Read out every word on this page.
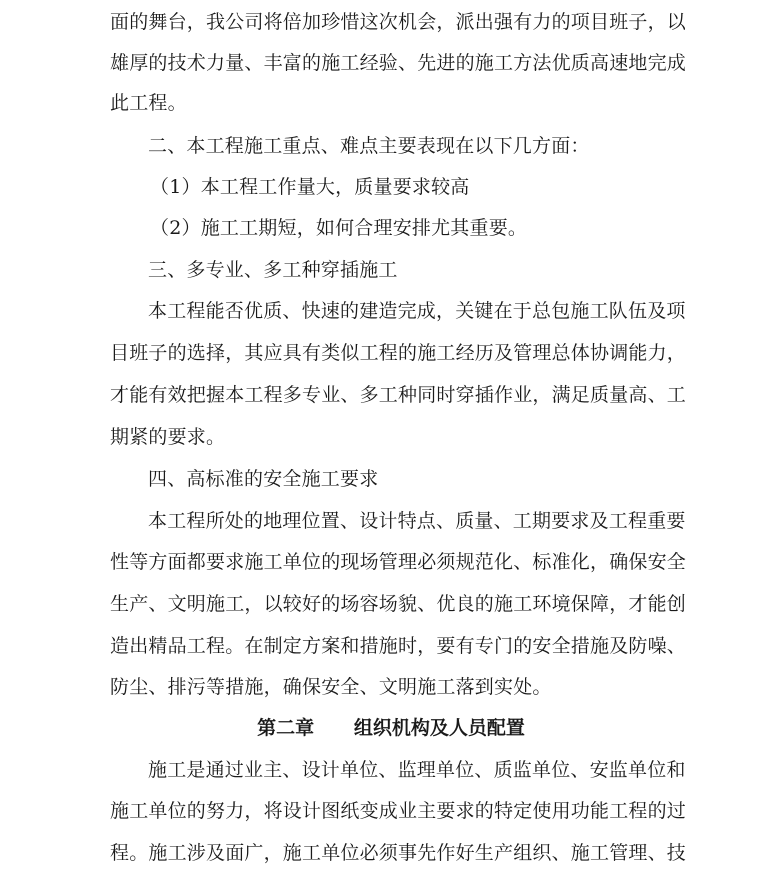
面的舞台，我公司将倍加珍惜这次机会，派出强有力的项目班子，以
雄厚的技术力量、丰富的施工经验、先进的施工方法优质高速地完成
此工程。
二、本工程施工重点、难点主要表现在以下几方面：
（1）本工程工作量大，质量要求较高
（2）施工工期短，如何合理安排尤其重要。
三、多专业、多工种穿插施工
本工程能否优质、快速的建造完成，关键在于总包施工队伍及项
目班子的选择，其应具有类似工程的施工经历及管理总体协调能力，
才能有效把握本工程多专业、多工种同时穿插作业，满足质量高、工
期紧的要求。
四、高标准的安全施工要求
本工程所处的地理位置、设计特点、质量、工期要求及工程重要
性等方面都要求施工单位的现场管理必须规范化、标准化，确保安全
生产、文明施工，以较好的场容场貌、优良的施工环境保障，才能创
造出精品工程。在制定方案和措施时，要有专门的安全措施及防噪、
防尘、排污等措施，确保安全、文明施工落到实处。
第二章      组织机构及人员配置
施工是通过业主、设计单位、监理单位、质监单位、安监单位和
施工单位的努力，将设计图纸变成业主要求的特定使用功能工程的过
程。施工涉及面广，施工单位必须事先作好生产组织、施工管理、技
